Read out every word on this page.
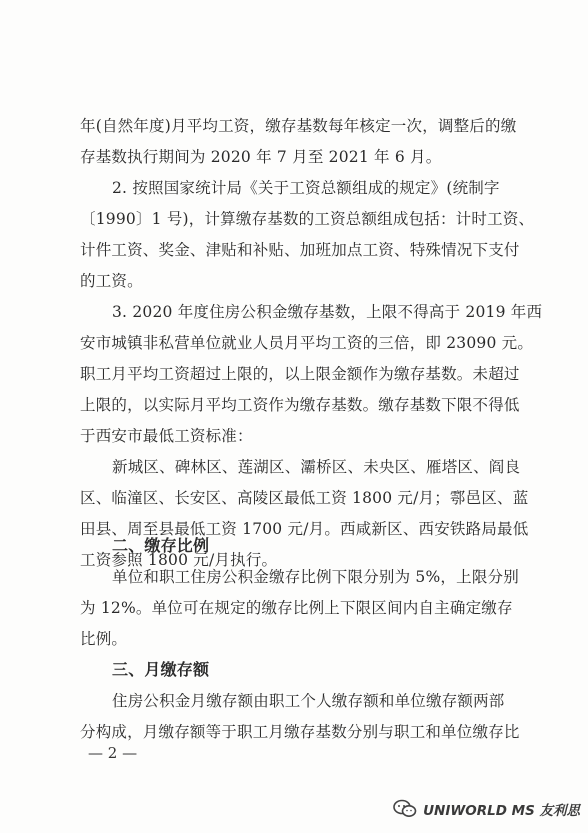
年(自然年度)月平均工资，缴存基数每年核定一次，调整后的缴
存基数执行期间为 2020 年 7 月至 2021 年 6 月。
2. 按照国家统计局《关于工资总额组成的规定》(统制字
〔1990〕1 号)，计算缴存基数的工资总额组成包括：计时工资、
计件工资、奖金、津贴和补贴、加班加点工资、特殊情况下支付
的工资。
3. 2020 年度住房公积金缴存基数，上限不得高于 2019 年西
安市城镇非私营单位就业人员月平均工资的三倍，即 23090 元。
职工月平均工资超过上限的，以上限金额作为缴存基数。未超过
上限的，以实际月平均工资作为缴存基数。缴存基数下限不得低
于西安市最低工资标准：
新城区、碑林区、莲湖区、灞桥区、未央区、雁塔区、阎良
区、临潼区、长安区、高陵区最低工资 1800 元/月；鄠邑区、蓝
田县、周至县最低工资 1700 元/月。西咸新区、西安铁路局最低
工资参照 1800 元/月执行。
二、缴存比例
单位和职工住房公积金缴存比例下限分别为 5%，上限分别
为 12%。单位可在规定的缴存比例上下限区间内自主确定缴存
比例。
三、月缴存额
住房公积金月缴存额由职工个人缴存额和单位缴存额两部
分构成，月缴存额等于职工月缴存基数分别与职工和单位缴存比
— 2 —
UNIWORLD MS 友利思
